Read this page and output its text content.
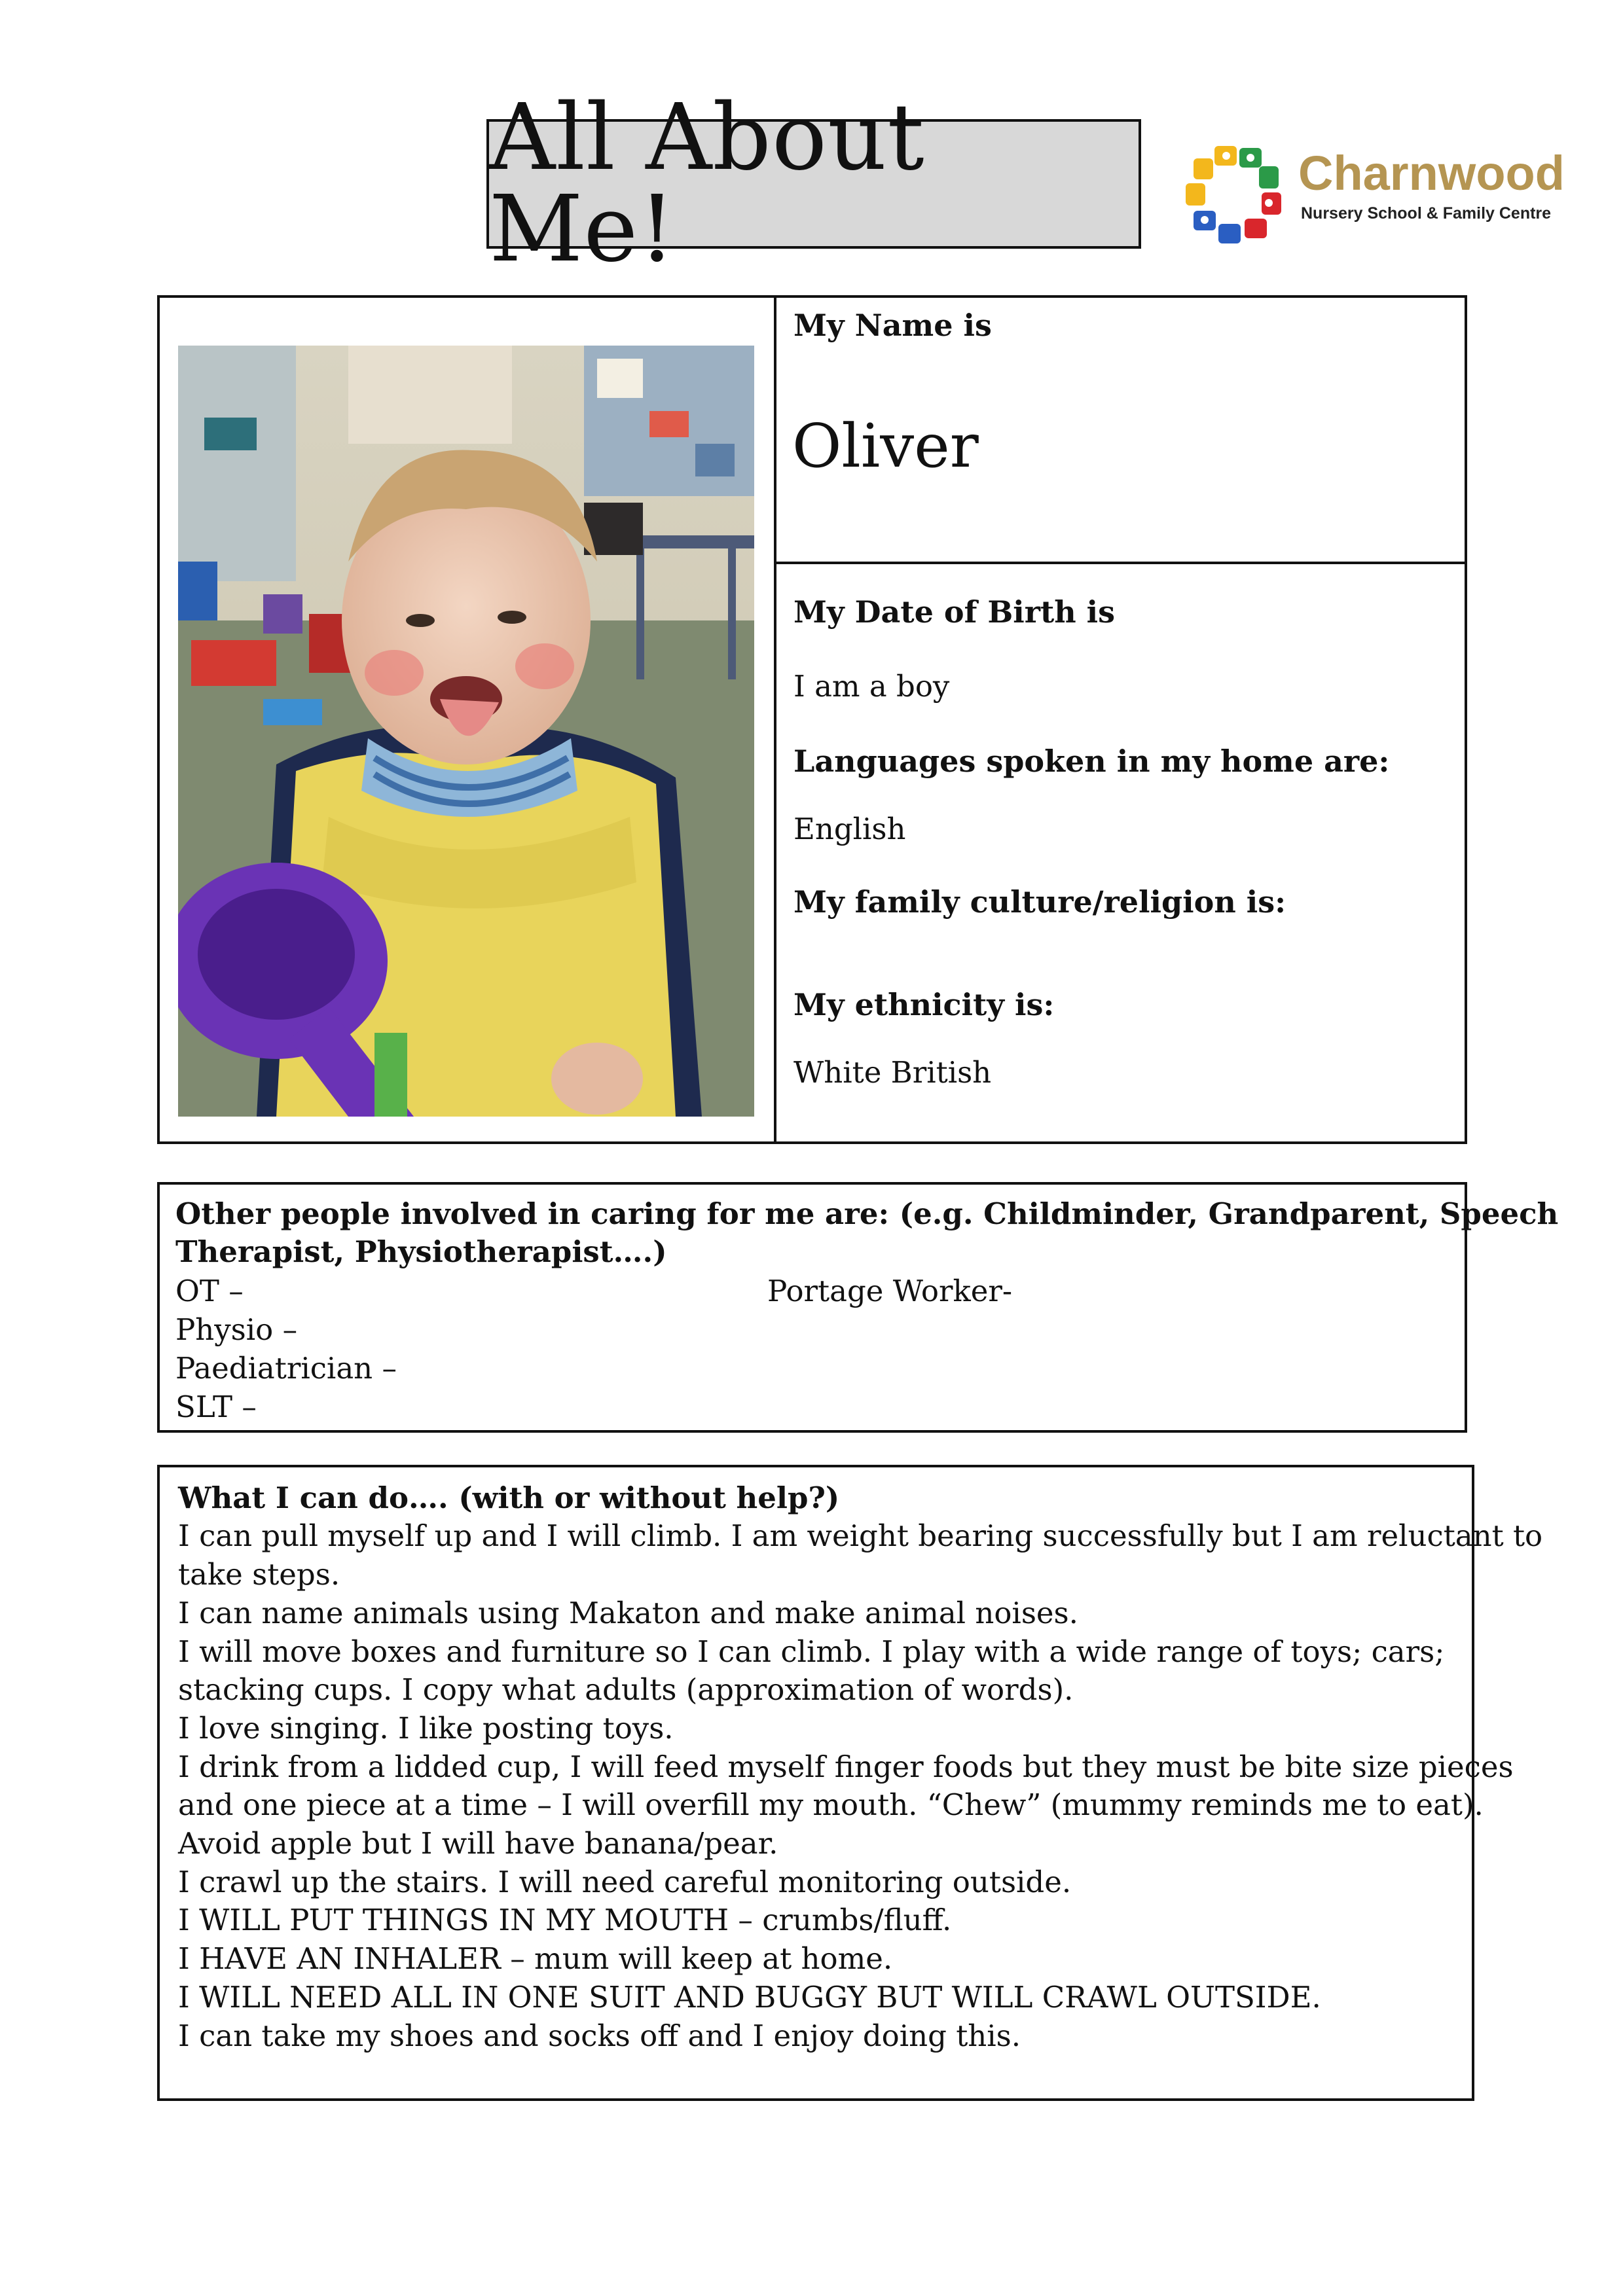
All About Me!
Charnwood
Nursery School & Family Centre
My Name is
Oliver
My Date of Birth is
I am a boy
Languages spoken in my home are:
English
My family culture/religion is:
My ethnicity is:
White British
Other people involved in caring for me are: (e.g. Childminder, Grandparent, Speech
Therapist, Physiotherapist….)
OT –
Physio –
Paediatrician –
SLT –
Portage Worker-
What I can do…. (with or without help?)
I can pull myself up and I will climb. I am weight bearing successfully but I am reluctant to
take steps.
I can name animals using Makaton and make animal noises.
I will move boxes and furniture so I can climb. I play with a wide range of toys; cars;
stacking cups. I copy what adults (approximation of words).
I love singing. I like posting toys.
I drink from a lidded cup, I will feed myself finger foods but they must be bite size pieces
and one piece at a time – I will overfill my mouth. “Chew” (mummy reminds me to eat).
Avoid apple but I will have banana/pear.
I crawl up the stairs. I will need careful monitoring outside.
I WILL PUT THINGS IN MY MOUTH – crumbs/fluff.
I HAVE AN INHALER – mum will keep at home.
I WILL NEED ALL IN ONE SUIT AND BUGGY BUT WILL CRAWL OUTSIDE.
I can take my shoes and socks off and I enjoy doing this.
